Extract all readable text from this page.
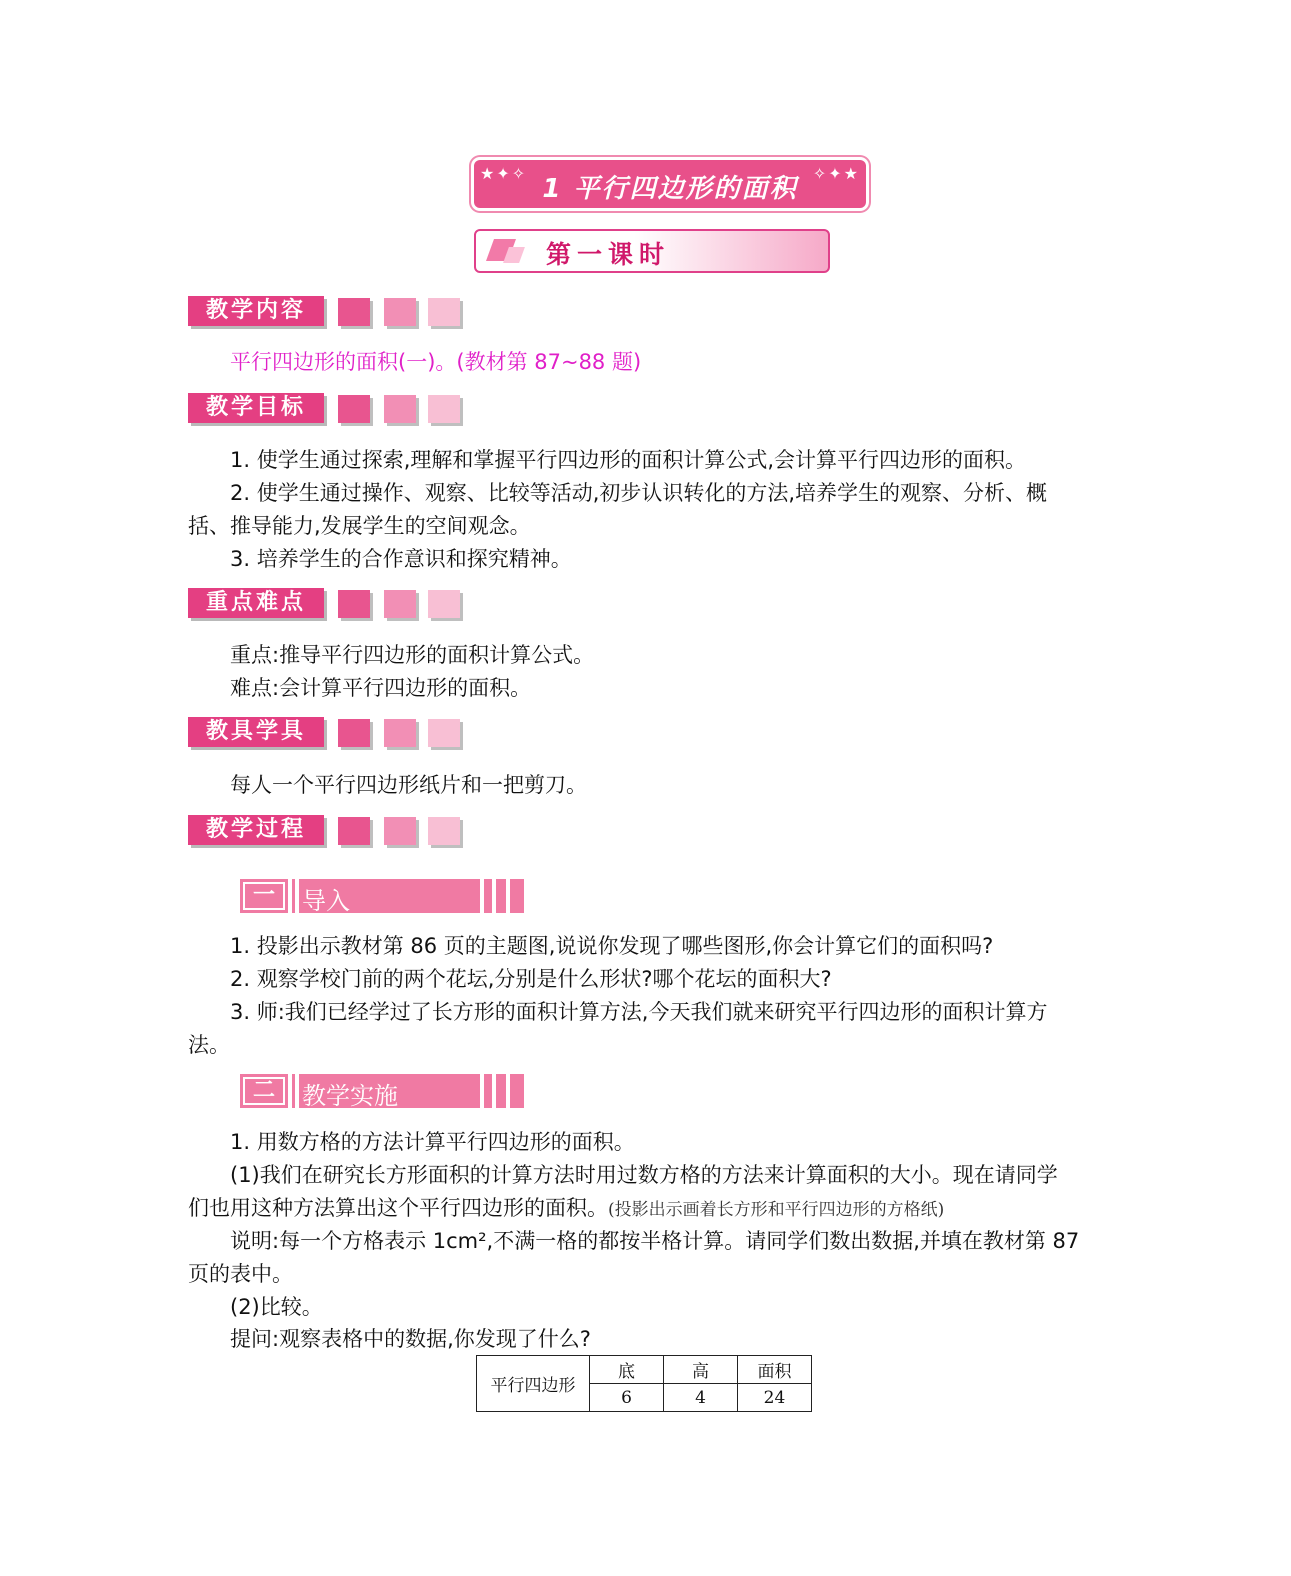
★✦✧
1 平行四边形的面积
✧✦★
第一课时
教学内容
平行四边形的面积(一)。(教材第 87~88 题)
教学目标
1. 使学生通过探索,理解和掌握平行四边形的面积计算公式,会计算平行四边形的面积。
2. 使学生通过操作、观察、比较等活动,初步认识转化的方法,培养学生的观察、分析、概
括、推导能力,发展学生的空间观念。
3. 培养学生的合作意识和探究精神。
重点难点
重点:推导平行四边形的面积计算公式。
难点:会计算平行四边形的面积。
教具学具
每人一个平行四边形纸片和一把剪刀。
教学过程
一	导入
1. 投影出示教材第 86 页的主题图,说说你发现了哪些图形,你会计算它们的面积吗?
2. 观察学校门前的两个花坛,分别是什么形状?哪个花坛的面积大?
3. 师:我们已经学过了长方形的面积计算方法,今天我们就来研究平行四边形的面积计算方
法。
二	教学实施
1. 用数方格的方法计算平行四边形的面积。
(1)我们在研究长方形面积的计算方法时用过数方格的方法来计算面积的大小。现在请同学
们也用这种方法算出这个平行四边形的面积。(投影出示画着长方形和平行四边形的方格纸)
说明:每一个方格表示 1cm²,不满一格的都按半格计算。请同学们数出数据,并填在教材第 87
页的表中。
(2)比较。
提问:观察表格中的数据,你发现了什么?
平行四边形	底	高	面积
	6	4	24
